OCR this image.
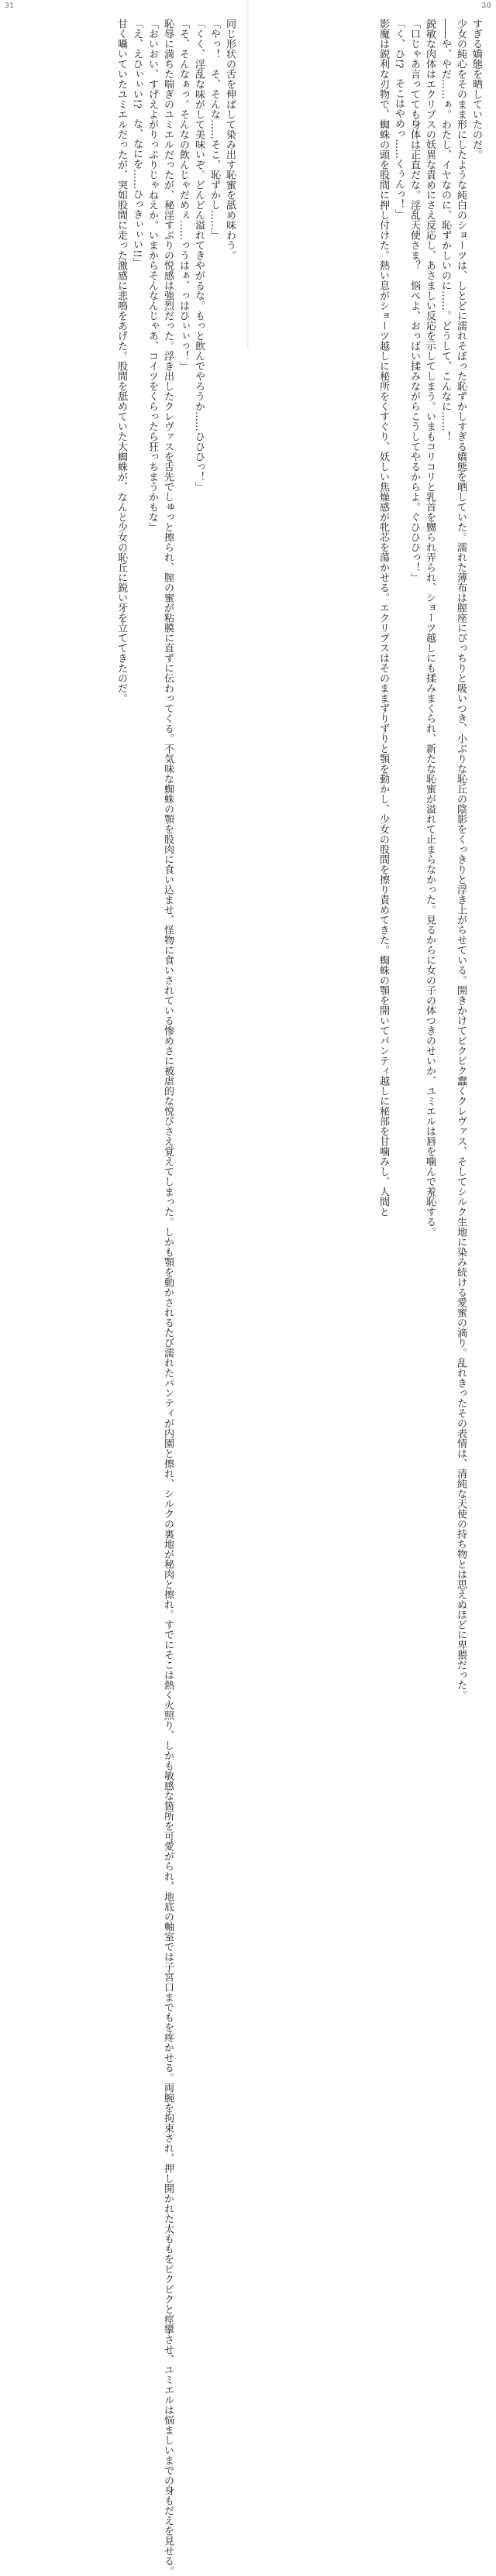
31
同じ形状の舌を伸ばして染み出す恥蜜を舐め味わう。
「やっ！　そ、そんな……そこ、恥ずかし……」
「くく、淫乱な味がして美味いぞ。どんどん溢れてきやがるな。もっと飲んでやろうか……ひひひっ！」
「そ、そんなぁっ。そんなの飲んじゃだめぇ……っうはぁ、っはひぃぃっ！」
恥辱に満ちた喘ぎのユミエルだったが、秘淫すぶりの悦感は強烈だった。浮き出したクレヴァスを舌先でしゅっと擦られ、膣の蜜が粘膜に直ずに伝わってくる。不気味な蜘蛛の顎を股肉に食い込ませ、怪物に食いされている惨めさに被虐的な悦びさえ覚えてしまった。しかも顎を動かされるたび濡れたパンティが内園と擦れ、シルクの裏地が秘肉と擦れ。すでにそこは熱く火照り、しかも敏感な箇所を可愛がられ、地底の軸室では子宮口までもを疼かせる。両腕を拘束され、押し開かれた太ももをピクピクと痙攣させ、ユミエルは悩ましいまでの身もだえを見せる。
「おいおい、すげえよがりっぷりじゃねえか。いまからそんなんじゃあ、コイツをくらったら狂っちまうかもな」
「え、えひぃぃい!?　な、なにを……ひっきぃぃい!!」
甘く囁いていたユミエルだったが、突如股間に走った激感に悲鳴をあげた。股間を舐めていた大蜘蛛が、なんと少女の恥丘に鋭い牙を立ててきたのだ。
30
すぎる嬌態を晒していたのだ。
少女の純心をそのまま形にしたような純白のショーツは、しとどに濡れそぼった恥ずかしすぎる嬌態を晒していた。濡れた薄布は膣座にぴっちりと吸いつき、小ぶりな恥丘の陰影をくっきりと浮き上がらせている。開きかけてピクピク蠢くクレヴァス、そしてシルク生地に染み続ける愛蜜の滴り。乱れきったその表情は、清純な天使の持ち物とは思えぬほどに卑猥だった。
――や、やだ……ぁ。わたし、イヤなのに、恥ずかしいのに……。どうして、こんなに……！
鋭敏な肉体はエクリプスの妖異な責めにさえ反応し、あさましい反応を示してしまう。いまもコリコリと乳首を嬲られ弄られ、ショーツ越しにも揉みまくられ、新たな恥蜜が溢れて止まらなかった。見るからに女の子の体つきのせいか、ユミエルは唇を噛んで羞恥する。
「口じゃあ言ってても身体は正直だな。淫乱天使さま？　悩ぺよ、おっぱい揉みながらこうしてやるからよ。ぐひひひっ！」
「く、ひ!?　そこはやめっ……くぅんっ！」
影魔は鋭利な刃物で、蜘蛛の頭を股間に押し付けた。熱い息がショーツ越しに秘所をくすぐり、妖しい焦燥感が牝芯を蕩かせる。エクリプスはそのままずりずりと顎を動かし、少女の股間を擦り責めてきた。蜘蛛の顎を開いてパンティ越しに秘部を甘噛みし、人間と
